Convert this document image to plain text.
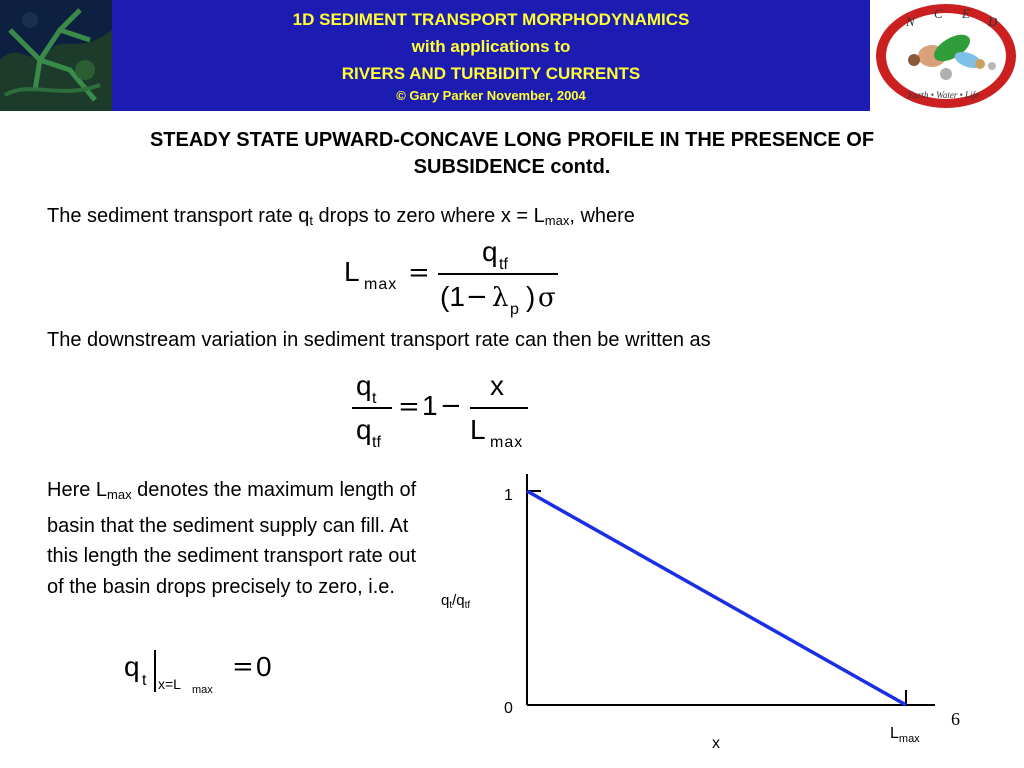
1D SEDIMENT TRANSPORT MORPHODYNAMICS
with applications to
RIVERS AND TURBIDITY CURRENTS
© Gary Parker November, 2004
N
C E
D
Earth • Water • Life
STEADY STATE UPWARD-CONCAVE LONG PROFILE IN THE PRESENCE OF
SUBSIDENCE contd.
The sediment transport rate $q_t$ drops to zero where $x = L_{max}$, where
L max =
q tf
(1 − λ p ) σ
The downstream variation in sediment transport rate can then be written as
q t
q tf
= 1 −
x
L max
Here $L_{max}$ denotes the maximum length of basin that the sediment supply can fill. At this length the sediment transport rate out of the basin drops precisely to zero, i.e.
q t x=L max
= 0
1
0
$q_t/q_{tf}$
$L_{max}$
x
6
